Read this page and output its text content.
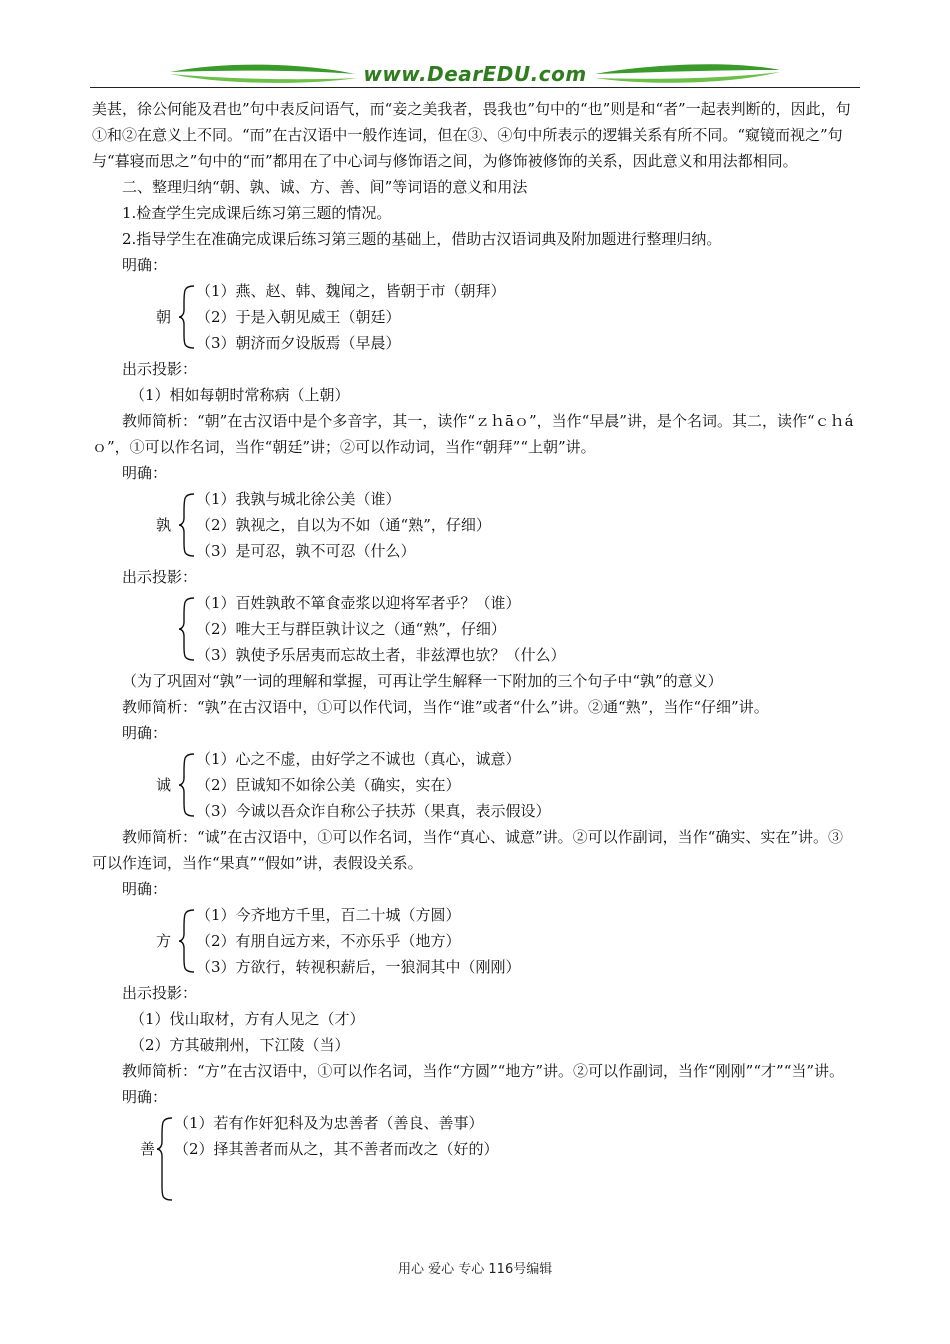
www.DearEDU.com

美甚，徐公何能及君也”句中表反问语气，而“妾之美我者，畏我也”句中的“也”则是和“者”一起表判断的，因此，句①和②在意义上不同。“而”在古汉语中一般作连词，但在③、④句中所表示的逻辑关系有所不同。“窥镜而视之”句与“暮寝而思之”句中的“而”都用在了中心词与修饰语之间，为修饰被修饰的关系，因此意义和用法都相同。

二、整理归纳“朝、孰、诚、方、善、间”等词语的意义和用法

1.检查学生完成课后练习第三题的情况。

2.指导学生在准确完成课后练习第三题的基础上，借助古汉语词典及附加题进行整理归纳。

明确：

朝
（1）燕、赵、韩、魏闻之，皆朝于市（朝拜）
（2）于是入朝见威王（朝廷）
（3）朝济而夕设版焉（早晨）

出示投影：

（1）相如每朝时常称病（上朝）

教师简析：“朝”在古汉语中是个多音字，其一，读作“ｚｈāｏ”，当作“早晨”讲，是个名词。其二，读作“ｃｈáｏ”，①可以作名词，当作“朝廷”讲；②可以作动词，当作“朝拜”“上朝”讲。

明确：

孰
（1）我孰与城北徐公美（谁）
（2）孰视之，自以为不如（通“熟”，仔细）
（3）是可忍，孰不可忍（什么）

出示投影：

（1）百姓孰敢不箪食壶浆以迎将军者乎？（谁）
（2）唯大王与群臣孰计议之（通“熟”，仔细）
（3）孰使予乐居夷而忘故土者，非兹潭也欤？（什么）

（为了巩固对“孰”一词的理解和掌握，可再让学生解释一下附加的三个句子中“孰”的意义）

教师简析：“孰”在古汉语中，①可以作代词，当作“谁”或者“什么”讲。②通“熟”，当作“仔细”讲。

明确：

诚
（1）心之不虚，由好学之不诚也（真心，诚意）
（2）臣诚知不如徐公美（确实，实在）
（3）今诚以吾众诈自称公子扶苏（果真，表示假设）

教师简析：“诚”在古汉语中，①可以作名词，当作“真心、诚意”讲。②可以作副词，当作“确实、实在”讲。③可以作连词，当作“果真”“假如”讲，表假设关系。

明确：

方
（1）今齐地方千里，百二十城（方圆）
（2）有朋自远方来，不亦乐乎（地方）
（3）方欲行，转视积薪后，一狼洞其中（刚刚）

出示投影：

（1）伐山取材，方有人见之（才）

（2）方其破荆州，下江陵（当）

教师简析：“方”在古汉语中，①可以作名词，当作“方圆”“地方”讲。②可以作副词，当作“刚刚”“才”“当”讲。

明确：

善
（1）若有作奸犯科及为忠善者（善良、善事）
（2）择其善者而从之，其不善者而改之（好的）
用心 爱心 专心 116号编辑
